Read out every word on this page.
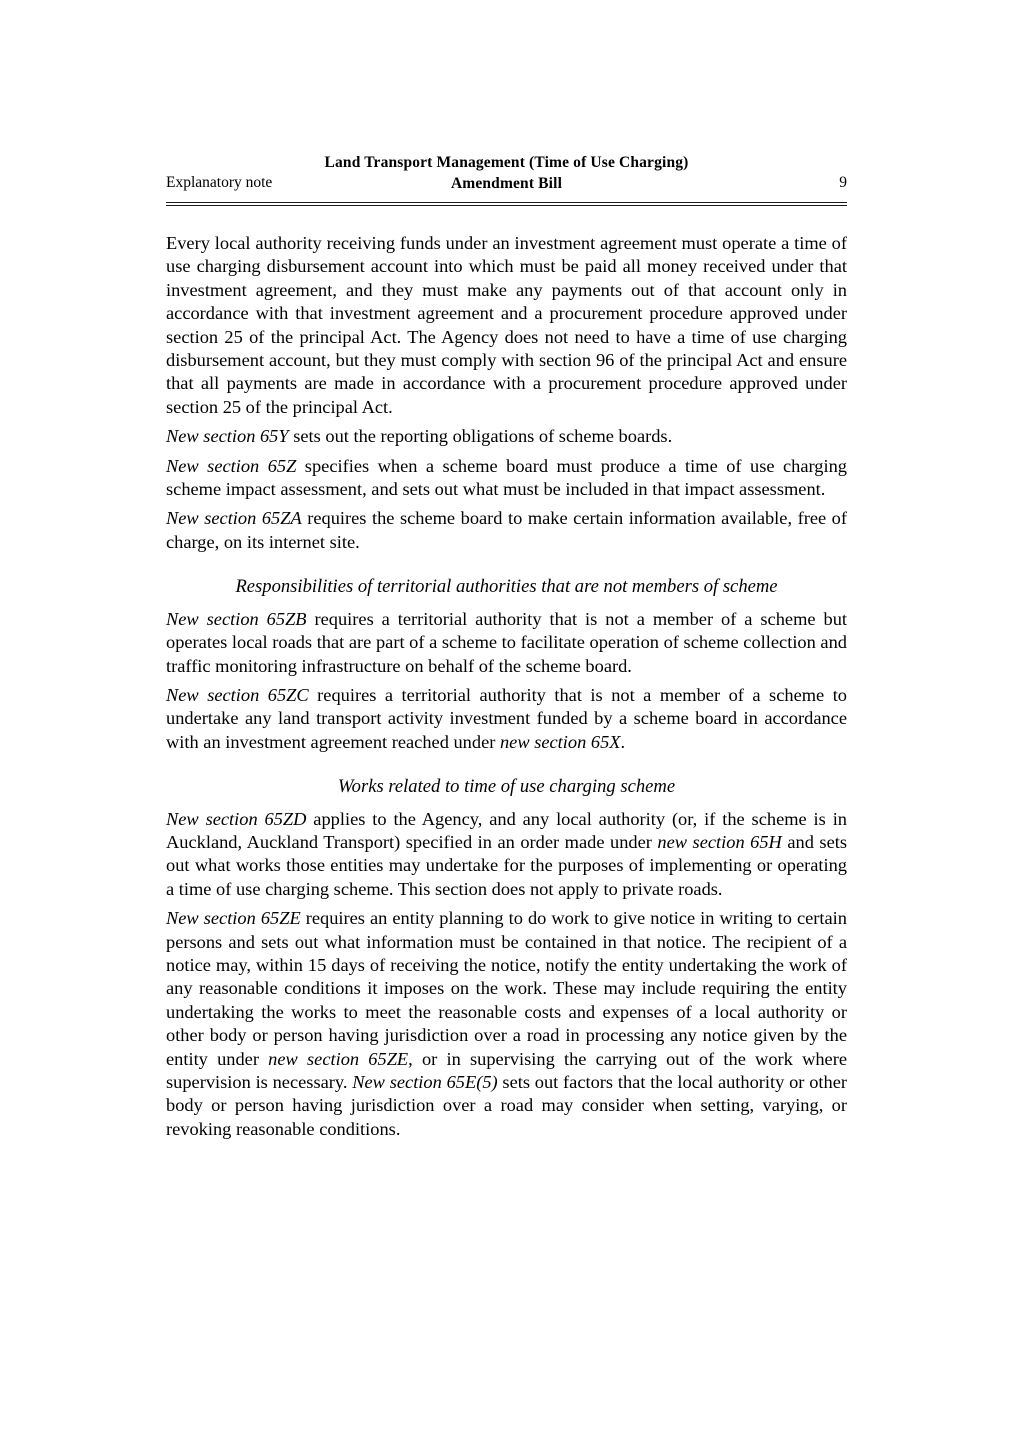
Land Transport Management (Time of Use Charging)
Amendment Bill
Explanatory note	9

Every local authority receiving funds under an investment agreement must operate a time of use charging disbursement account into which must be paid all money received under that investment agreement, and they must make any payments out of that account only in accordance with that investment agreement and a procurement procedure approved under section 25 of the principal Act. The Agency does not need to have a time of use charging disbursement account, but they must comply with section 96 of the principal Act and ensure that all payments are made in accordance with a procurement procedure approved under section 25 of the principal Act.

New section 65Y sets out the reporting obligations of scheme boards.

New section 65Z specifies when a scheme board must produce a time of use charging scheme impact assessment, and sets out what must be included in that impact assessment.

New section 65ZA requires the scheme board to make certain information available, free of charge, on its internet site.

Responsibilities of territorial authorities that are not members of scheme

New section 65ZB requires a territorial authority that is not a member of a scheme but operates local roads that are part of a scheme to facilitate operation of scheme collection and traffic monitoring infrastructure on behalf of the scheme board.

New section 65ZC requires a territorial authority that is not a member of a scheme to undertake any land transport activity investment funded by a scheme board in accordance with an investment agreement reached under new section 65X.

Works related to time of use charging scheme

New section 65ZD applies to the Agency, and any local authority (or, if the scheme is in Auckland, Auckland Transport) specified in an order made under new section 65H and sets out what works those entities may undertake for the purposes of implementing or operating a time of use charging scheme. This section does not apply to private roads.

New section 65ZE requires an entity planning to do work to give notice in writing to certain persons and sets out what information must be contained in that notice. The recipient of a notice may, within 15 days of receiving the notice, notify the entity undertaking the work of any reasonable conditions it imposes on the work. These may include requiring the entity undertaking the works to meet the reasonable costs and expenses of a local authority or other body or person having jurisdiction over a road in processing any notice given by the entity under new section 65ZE, or in supervising the carrying out of the work where supervision is necessary. New section 65E(5) sets out factors that the local authority or other body or person having jurisdiction over a road may consider when setting, varying, or revoking reasonable conditions.
